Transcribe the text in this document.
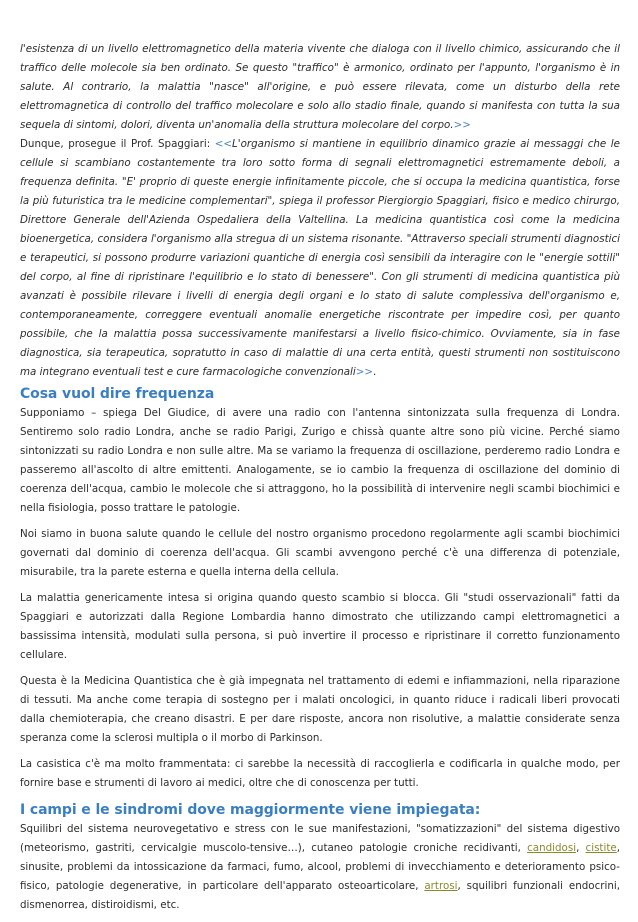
l'esistenza di un livello elettromagnetico della materia vivente che dialoga con il livello chimico, assicurando che il traffico delle molecole sia ben ordinato. Se questo "traffico" è armonico, ordinato per l'appunto, l'organismo è in salute. Al contrario, la malattia "nasce" all'origine, e può essere rilevata, come un disturbo della rete elettromagnetica di controllo del traffico molecolare e solo allo stadio finale, quando si manifesta con tutta la sua sequela di sintomi, dolori, diventa un'anomalia della struttura molecolare del corpo.>>

Dunque, prosegue il Prof. Spaggiari: <<L'organismo si mantiene in equilibrio dinamico grazie ai messaggi che le cellule si scambiano costantemente tra loro sotto forma di segnali elettromagnetici estremamente deboli, a frequenza definita. "E' proprio di queste energie infinitamente piccole, che si occupa la medicina quantistica, forse la più futuristica tra le medicine complementari", spiega il professor Piergiorgio Spaggiari, fisico e medico chirurgo, Direttore Generale dell'Azienda Ospedaliera della Valtellina. La medicina quantistica così come la medicina bioenergetica, considera l'organismo alla stregua di un sistema risonante. "Attraverso speciali strumenti diagnostici e terapeutici, si possono produrre variazioni quantiche di energia così sensibili da interagire con le "energie sottili" del corpo, al fine di ripristinare l'equilibrio e lo stato di benessere". Con gli strumenti di medicina quantistica più avanzati è possibile rilevare i livelli di energia degli organi e lo stato di salute complessiva dell'organismo e, contemporaneamente, correggere eventuali anomalie energetiche riscontrate per impedire così, per quanto possibile, che la malattia possa successivamente manifestarsi a livello fisico-chimico. Ovviamente, sia in fase diagnostica, sia terapeutica, sopratutto in caso di malattie di una certa entità, questi strumenti non sostituiscono ma integrano eventuali test e cure farmacologiche convenzionali>>.

Cosa vuol dire frequenza

Supponiamo – spiega Del Giudice, di avere una radio con l'antenna sintonizzata sulla frequenza di Londra. Sentiremo solo radio Londra, anche se radio Parigi, Zurigo e chissà quante altre sono più vicine. Perché siamo sintonizzati su radio Londra e non sulle altre. Ma se variamo la frequenza di oscillazione, perderemo radio Londra e passeremo all'ascolto di altre emittenti. Analogamente, se io cambio la frequenza di oscillazione del dominio di coerenza dell'acqua, cambio le molecole che si attraggono, ho la possibilità di intervenire negli scambi biochimici e nella fisiologia, posso trattare le patologie.

Noi siamo in buona salute quando le cellule del nostro organismo procedono regolarmente agli scambi biochimici governati dal dominio di coerenza dell'acqua. Gli scambi avvengono perché c'è una differenza di potenziale, misurabile, tra la parete esterna e quella interna della cellula.

La malattia genericamente intesa si origina quando questo scambio si blocca. Gli "studi osservazionali" fatti da Spaggiari e autorizzati dalla Regione Lombardia hanno dimostrato che utilizzando campi elettromagnetici a bassissima intensità, modulati sulla persona, si può invertire il processo e ripristinare il corretto funzionamento cellulare.

Questa è la Medicina Quantistica che è già impegnata nel trattamento di edemi e infiammazioni, nella riparazione di tessuti. Ma anche come terapia di sostegno per i malati oncologici, in quanto riduce i radicali liberi provocati dalla chemioterapia, che creano disastri. E per dare risposte, ancora non risolutive, a malattie considerate senza speranza come la sclerosi multipla o il morbo di Parkinson.

La casistica c'è ma molto frammentata: ci sarebbe la necessità di raccoglierla e codificarla in qualche modo, per fornire base e strumenti di lavoro ai medici, oltre che di conoscenza per tutti.

I campi e le sindromi dove maggiormente viene impiegata:

Squilibri del sistema neurovegetativo e stress con le sue manifestazioni, "somatizzazioni" del sistema digestivo (meteorismo, gastriti, cervicalgie muscolo-tensive…), cutaneo patologie croniche recidivanti, candidosi, cistite, sinusite, problemi da intossicazione da farmaci, fumo, alcool, problemi di invecchiamento e deterioramento psico-fisico, patologie degenerative, in particolare dell'apparato osteoarticolare, artrosi, squilibri funzionali endocrini, dismenorrea, distiroidismi, etc.
